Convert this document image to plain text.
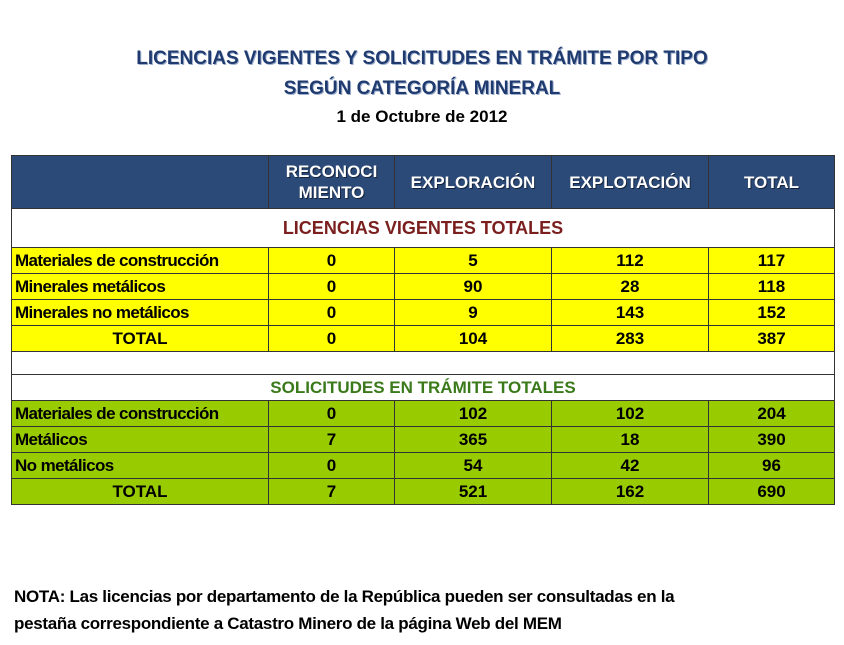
LICENCIAS VIGENTES Y SOLICITUDES EN TRÁMITE POR TIPO
SEGÚN CATEGORÍA MINERAL
1 de Octubre de 2012
	RECONOCI
MIENTO	EXPLORACIÓN	EXPLOTACIÓN	TOTAL
LICENCIAS VIGENTES TOTALES				
Materiales de construcción	0	5	112	117
Minerales metálicos	0	90	28	118
Minerales no metálicos	0	9	143	152
TOTAL	0	104	283	387

SOLICITUDES EN TRÁMITE TOTALES				
Materiales de construcción	0	102	102	204
Metálicos	7	365	18	390
No metálicos	0	54	42	96
TOTAL	7	521	162	690
NOTA: Las licencias por departamento de la República pueden ser consultadas en la
pestaña correspondiente a Catastro Minero de la página Web del MEM
